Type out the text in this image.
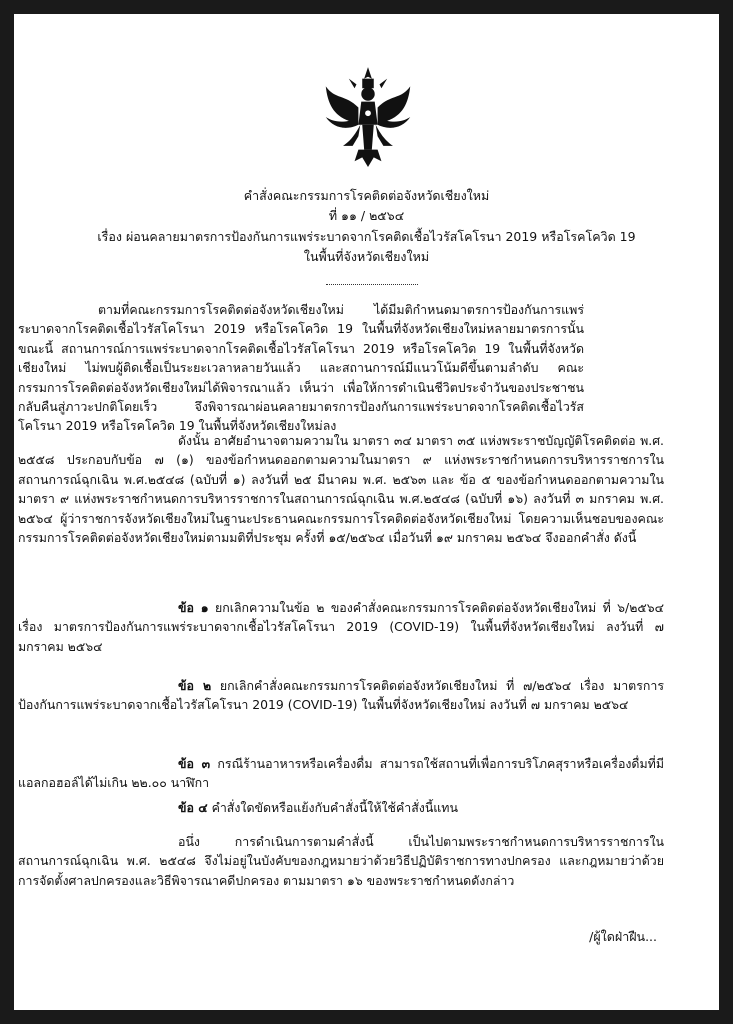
คำสั่งคณะกรรมการโรคติดต่อจังหวัดเชียงใหม่
ที่ ๑๑ / ๒๕๖๔
เรื่อง ผ่อนคลายมาตรการป้องกันการแพร่ระบาดจากโรคติดเชื้อไวรัสโคโรนา 2019 หรือโรคโควิด 19
ในพื้นที่จังหวัดเชียงใหม่
ตามที่คณะกรรมการโรคติดต่อจังหวัดเชียงใหม่ ได้มีมติกำหนดมาตรการป้องกันการแพร่ระบาดจากโรคติดเชื้อไวรัสโคโรนา 2019 หรือโรคโควิด 19 ในพื้นที่จังหวัดเชียงใหม่หลายมาตรการนั้น ขณะนี้ สถานการณ์การแพร่ระบาดจากโรคติดเชื้อไวรัสโคโรนา 2019 หรือโรคโควิด 19 ในพื้นที่จังหวัดเชียงใหม่ ไม่พบผู้ติดเชื้อเป็นระยะเวลาหลายวันแล้ว และสถานการณ์มีแนวโน้มดีขึ้นตามลำดับ คณะกรรมการโรคติดต่อจังหวัดเชียงใหม่ได้พิจารณาแล้ว เห็นว่า เพื่อให้การดำเนินชีวิตประจำวันของประชาชนกลับคืนสู่ภาวะปกติโดยเร็ว จึงพิจารณาผ่อนคลายมาตรการป้องกันการแพร่ระบาดจากโรคติดเชื้อไวรัสโคโรนา 2019 หรือโรคโควิด 19 ในพื้นที่จังหวัดเชียงใหม่ลง
ดังนั้น อาศัยอำนาจตามความใน มาตรา ๓๔ มาตรา ๓๕ แห่งพระราชบัญญัติโรคติดต่อ พ.ศ. ๒๕๕๘ ประกอบกับข้อ ๗ (๑) ของข้อกำหนดออกตามความในมาตรา ๙ แห่งพระราชกำหนดการบริหารราชการในสถานการณ์ฉุกเฉิน พ.ศ.๒๕๔๘ (ฉบับที่ ๑) ลงวันที่ ๒๕ มีนาคม พ.ศ. ๒๕๖๓ และ ข้อ ๕ ของข้อกำหนดออกตามความในมาตรา ๙ แห่งพระราชกำหนดการบริหารราชการในสถานการณ์ฉุกเฉิน พ.ศ.๒๕๔๘ (ฉบับที่ ๑๖) ลงวันที่ ๓ มกราคม พ.ศ. ๒๕๖๔ ผู้ว่าราชการจังหวัดเชียงใหม่ในฐานะประธานคณะกรรมการโรคติดต่อจังหวัดเชียงใหม่ โดยความเห็นชอบของคณะกรรมการโรคติดต่อจังหวัดเชียงใหม่ตามมติที่ประชุม ครั้งที่ ๑๕/๒๕๖๔ เมื่อวันที่ ๑๙ มกราคม ๒๕๖๔ จึงออกคำสั่ง ดังนี้
ข้อ ๑ ยกเลิกความในข้อ ๒ ของคำสั่งคณะกรรมการโรคติดต่อจังหวัดเชียงใหม่ ที่ ๖/๒๕๖๔ เรื่อง มาตรการป้องกันการแพร่ระบาดจากเชื้อไวรัสโคโรนา 2019 (COVID-19) ในพื้นที่จังหวัดเชียงใหม่ ลงวันที่ ๗ มกราคม ๒๕๖๔
ข้อ ๒ ยกเลิกคำสั่งคณะกรรมการโรคติดต่อจังหวัดเชียงใหม่ ที่ ๗/๒๕๖๔ เรื่อง มาตรการป้องกันการแพร่ระบาดจากเชื้อไวรัสโคโรนา 2019 (COVID-19) ในพื้นที่จังหวัดเชียงใหม่ ลงวันที่ ๗ มกราคม ๒๕๖๔
ข้อ ๓ กรณีร้านอาหารหรือเครื่องดื่ม สามารถใช้สถานที่เพื่อการบริโภคสุราหรือเครื่องดื่มที่มีแอลกอฮอล์ได้ไม่เกิน ๒๒.๐๐ นาฬิกา
ข้อ ๔ คำสั่งใดขัดหรือแย้งกับคำสั่งนี้ให้ใช้คำสั่งนี้แทน
อนึ่ง การดำเนินการตามคำสั่งนี้ เป็นไปตามพระราชกำหนดการบริหารราชการในสถานการณ์ฉุกเฉิน พ.ศ. ๒๕๔๘ จึงไม่อยู่ในบังคับของกฎหมายว่าด้วยวิธีปฏิบัติราชการทางปกครอง และกฎหมายว่าด้วยการจัดตั้งศาลปกครองและวิธีพิจารณาคดีปกครอง ตามมาตรา ๑๖ ของพระราชกำหนดดังกล่าว
/ผู้ใดฝ่าฝืน...
